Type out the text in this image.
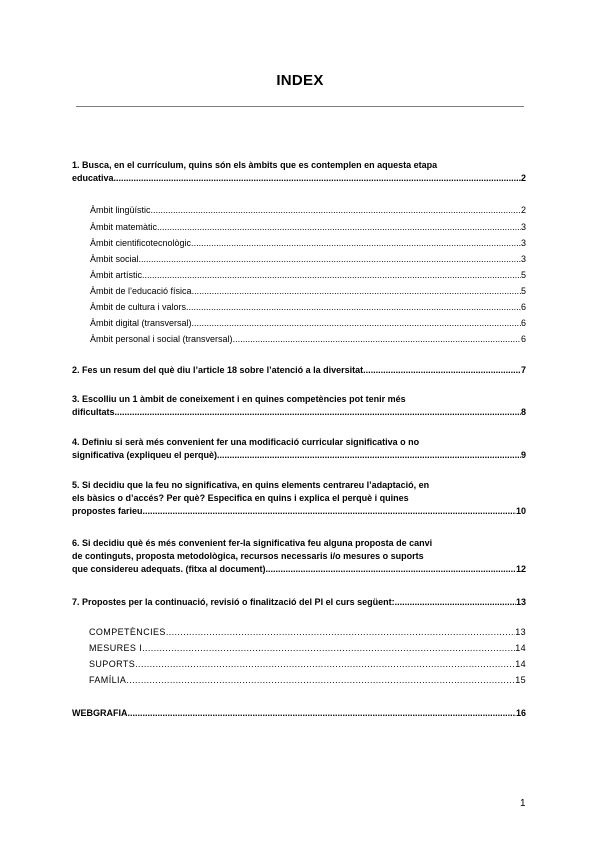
INDEX
1. Busca, en el currículum, quins són els àmbits que es contemplen en aquesta etapa
educativa .....	2
Àmbit lingüístic .....	2
Àmbit matemàtic .....	3
Àmbit cientificotecnològic. .....	3
Àmbit social .....	3
Àmbit artístic .....	5
Àmbit de l’educació física .....	5
Àmbit de cultura i valors .....	6
Àmbit digital (transversal) .....	6
Àmbit personal i social (transversal) .....	6
2. Fes un resum del què diu l’article 18 sobre l’atenció a la diversitat .....	7
3. Escolliu un 1 àmbit de coneixement i en quines competències pot tenir més
dificultats .....	8
4. Definiu si serà més convenient fer una modificació curricular significativa o no
significativa (expliqueu el perquè) .....	9
5. Si decidiu que la feu no significativa, en quins elements centrareu l’adaptació, en
els bàsics o d’accés? Per què? Especifica en quins i explica el perquè i quines
propostes farieu .....	10
6. Si decidiu què és més convenient fer-la significativa feu alguna proposta de canvi
de continguts, proposta metodològica, recursos necessaris i/o mesures o suports
que considereu adequats. (fitxa al document) .....	12
7. Propostes per la continuació, revisió o finalització del PI el curs següent: .....	13
COMPETÈNCIES .....	13
MESURES I .....	14
SUPORTS .....	14
FAMÍLIA .....	15
WEBGRAFIA .....	16
1
